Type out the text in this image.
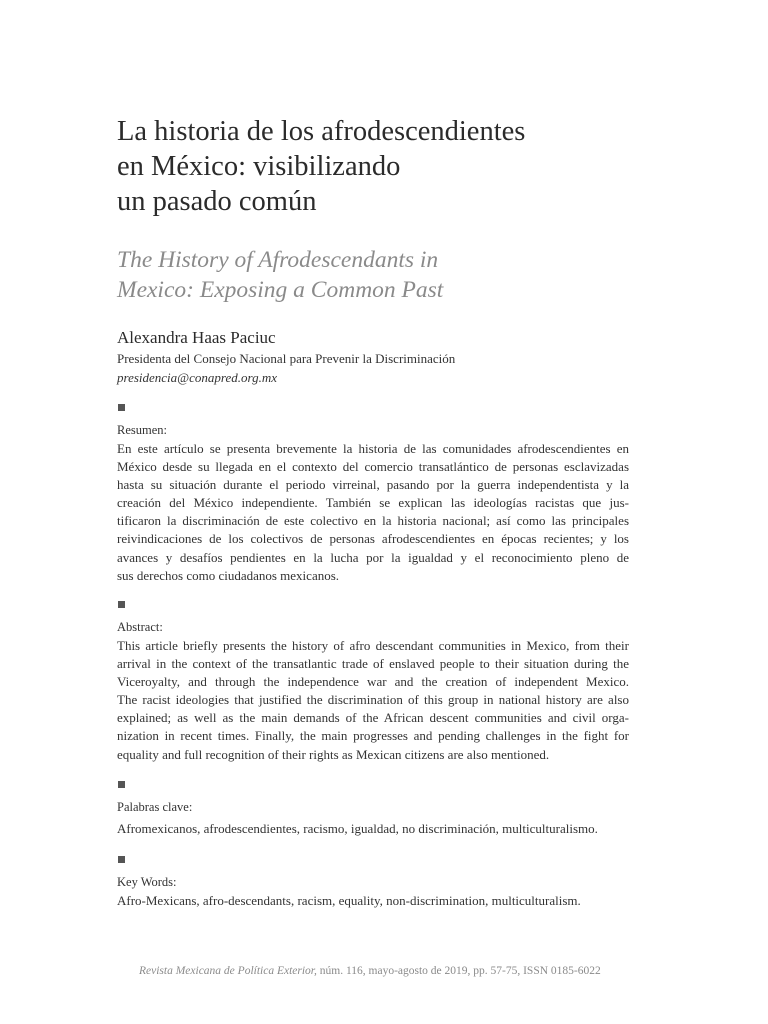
La historia de los afrodescendientes
en México: visibilizando
un pasado común
The History of Afrodescendants in
Mexico: Exposing a Common Past
Alexandra Haas Paciuc
Presidenta del Consejo Nacional para Prevenir la Discriminación
presidencia@conapred.org.mx
Resumen:
En este artículo se presenta brevemente la historia de las comunidades afrodescendientes en
México desde su llegada en el contexto del comercio transatlántico de personas esclavizadas
hasta su situación durante el periodo virreinal, pasando por la guerra independentista y la
creación del México independiente. También se explican las ideologías racistas que jus-
tificaron la discriminación de este colectivo en la historia nacional; así como las principales
reivindicaciones de los colectivos de personas afrodescendientes en épocas recientes; y los
avances y desafíos pendientes en la lucha por la igualdad y el reconocimiento pleno de
sus derechos como ciudadanos mexicanos.
Abstract:
This article briefly presents the history of afro descendant communities in Mexico, from their
arrival in the context of the transatlantic trade of enslaved people to their situation during the
Viceroyalty, and through the independence war and the creation of independent Mexico.
The racist ideologies that justified the discrimination of this group in national history are also
explained; as well as the main demands of the African descent communities and civil orga-
nization in recent times. Finally, the main progresses and pending challenges in the fight for
equality and full recognition of their rights as Mexican citizens are also mentioned.
Palabras clave:
Afromexicanos, afrodescendientes, racismo, igualdad, no discriminación, multiculturalismo.
Key Words:
Afro-Mexicans, afro-descendants, racism, equality, non-discrimination, multiculturalism.
Revista Mexicana de Política Exterior, núm. 116, mayo-agosto de 2019, pp. 57-75, ISSN 0185-6022
